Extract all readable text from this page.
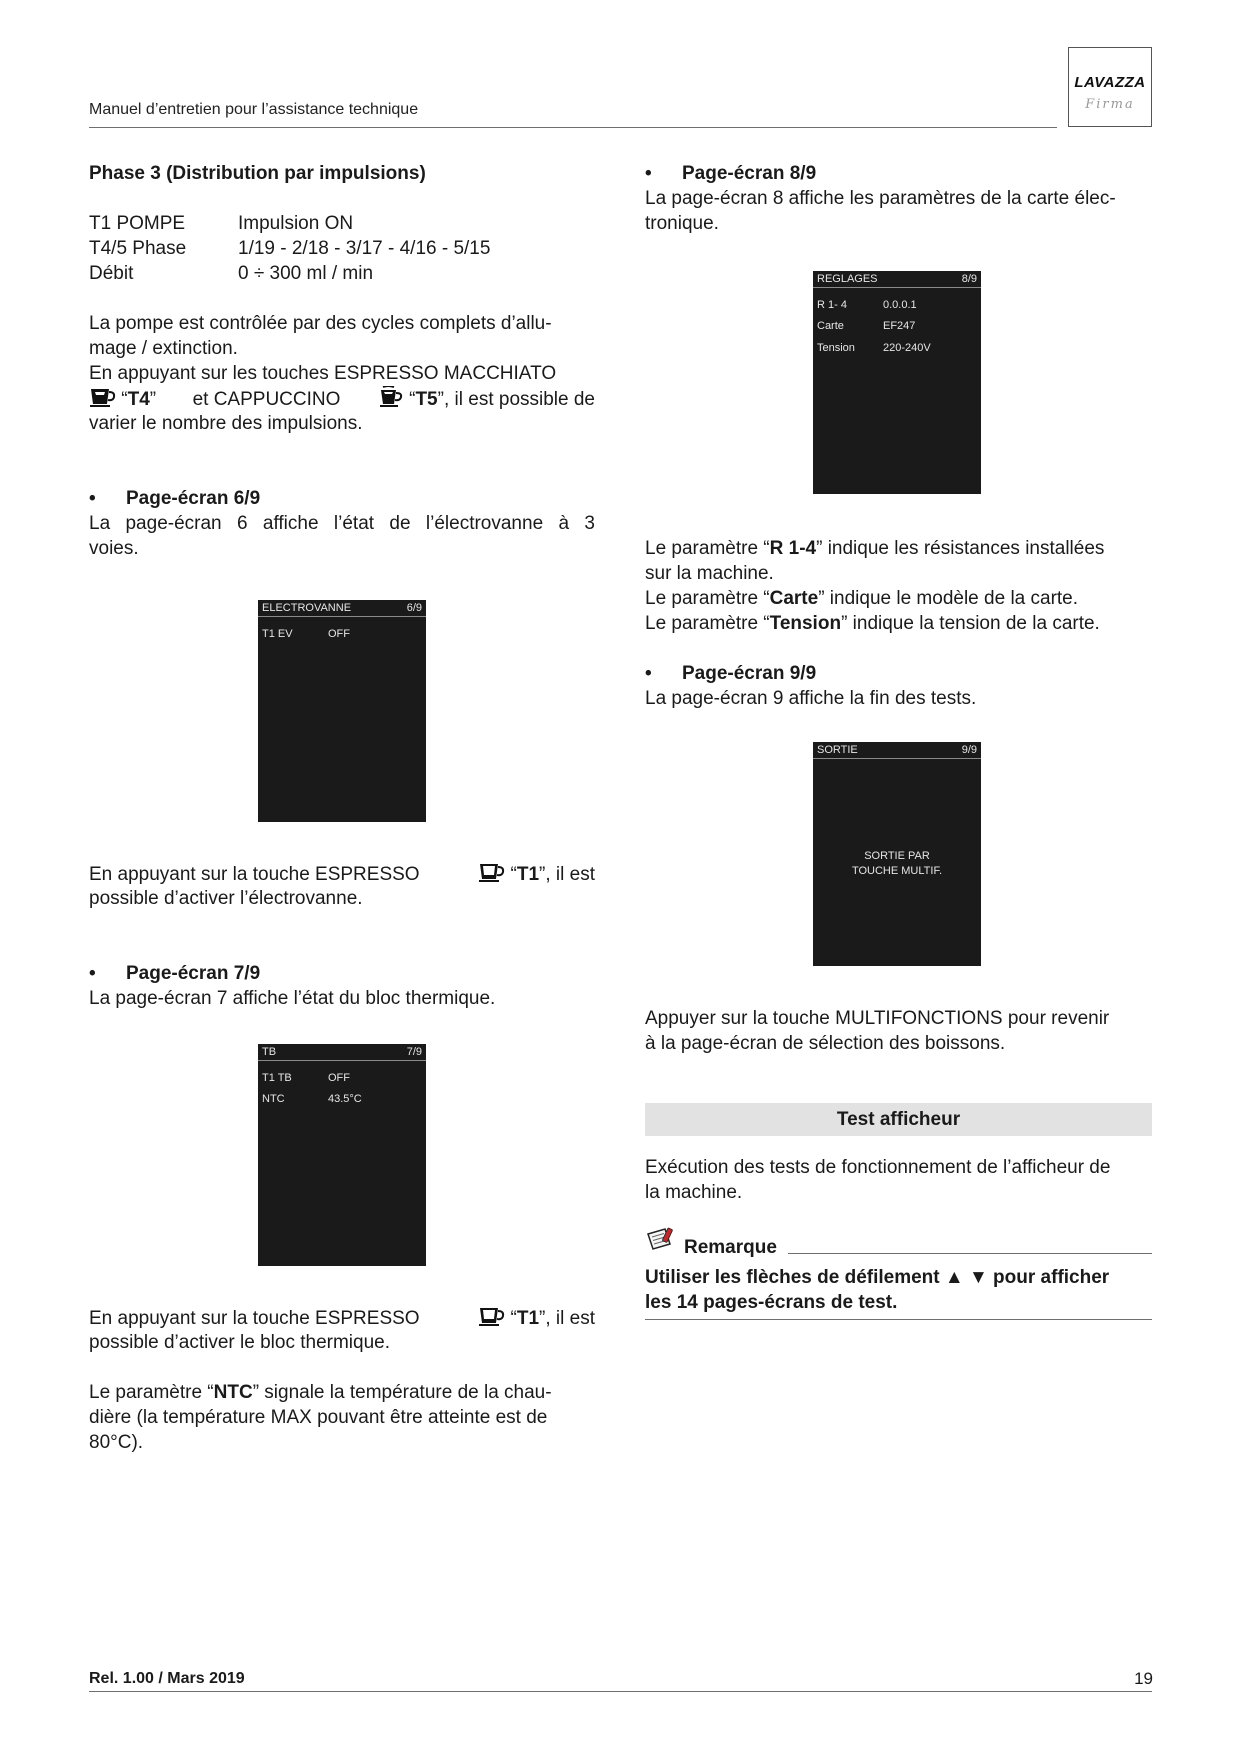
Manuel d’entretien pour l’assistance technique
LAVAZZA
Firma
Phase 3 (Distribution par impulsions)
T1 POMPE	Impulsion ON
T4/5 Phase	1/19 - 2/18 - 3/17 - 4/16 - 5/15
Débit	0 ÷ 300 ml / min
La pompe est contrôlée par des cycles complets d’allu-
mage / extinction.
En appuyant sur les touches ESPRESSO MACCHIATO
“T4” et CAPPUCCINO	“T5”, il est possible de
varier le nombre des impulsions.
• Page-écran 6/9
La page-écran 6 affiche l’état de l’électrovanne à 3
voies.
ELECTROVANNE	6/9
T1 EV	OFF
En appuyant sur la touche ESPRESSO	“T1”, il est
possible d’activer l’électrovanne.
• Page-écran 7/9
La page-écran 7 affiche l’état du bloc thermique.
TB	7/9
T1 TB	OFF
NTC	43.5°C
En appuyant sur la touche ESPRESSO	“T1”, il est
possible d’activer le bloc thermique.
Le paramètre “NTC” signale la température de la chau-
dière (la température MAX pouvant être atteinte est de
80°C).
• Page-écran 8/9
La page-écran 8 affiche les paramètres de la carte élec-
tronique.
REGLAGES	8/9
R 1- 4	0.0.0.1
Carte	EF247
Tension	220-240V
Le paramètre “R 1-4” indique les résistances installées
sur la machine.
Le paramètre “Carte” indique le modèle de la carte.
Le paramètre “Tension” indique la tension de la carte.
• Page-écran 9/9
La page-écran 9 affiche la fin des tests.
SORTIE	9/9
SORTIE PAR
TOUCHE MULTIF.
Appuyer sur la touche MULTIFONCTIONS pour revenir
à la page-écran de sélection des boissons.
Test afficheur
Exécution des tests de fonctionnement de l’afficheur de
la machine.
Remarque
Utiliser les flèches de défilement ▲ ▼ pour afficher
les 14 pages-écrans de test.
Rel. 1.00 / Mars 2019	19
